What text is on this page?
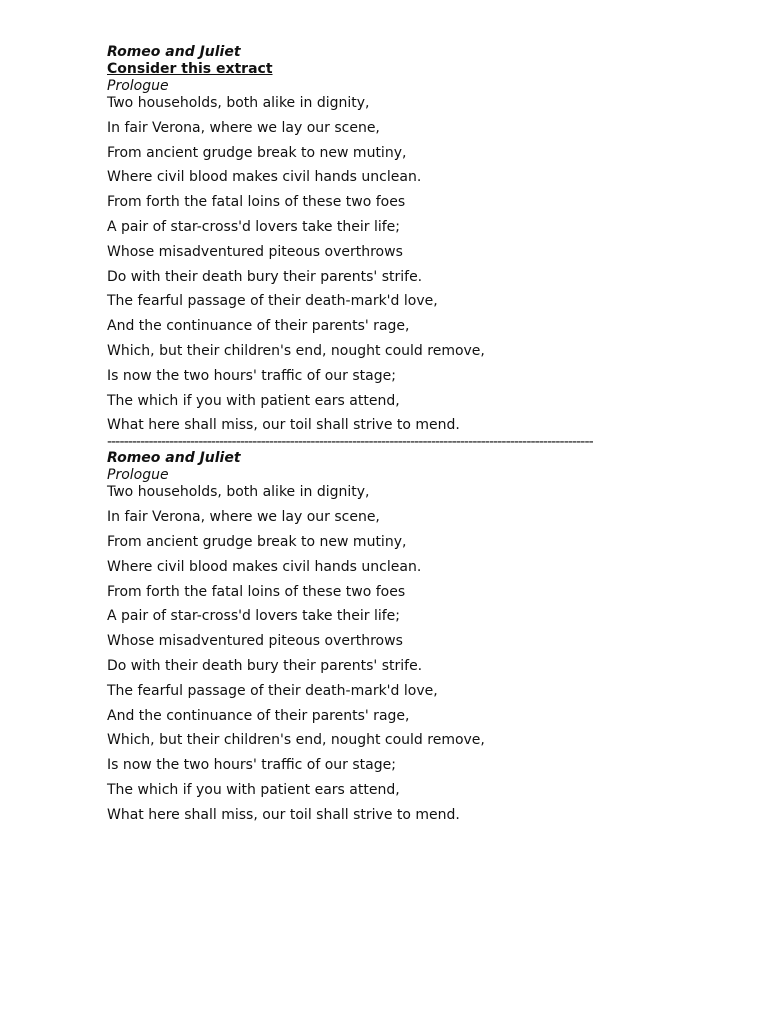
Romeo and Juliet

Consider this extract

Prologue

Two households, both alike in dignity,

In fair Verona, where we lay our scene,

From ancient grudge break to new mutiny,

Where civil blood makes civil hands unclean.

From forth the fatal loins of these two foes

A pair of star-cross'd lovers take their life;

Whose misadventured piteous overthrows

Do with their death bury their parents' strife.

The fearful passage of their death-mark'd love,

And the continuance of their parents' rage,

Which, but their children's end, nought could remove,

Is now the two hours' traffic of our stage;

The which if you with patient ears attend,

What here shall miss, our toil shall strive to mend.

---------------------------------------------------------------------------------------------------------------------

Romeo and Juliet

Prologue

Two households, both alike in dignity,

In fair Verona, where we lay our scene,

From ancient grudge break to new mutiny,

Where civil blood makes civil hands unclean.

From forth the fatal loins of these two foes

A pair of star-cross'd lovers take their life;

Whose misadventured piteous overthrows

Do with their death bury their parents' strife.

The fearful passage of their death-mark'd love,

And the continuance of their parents' rage,

Which, but their children's end, nought could remove,

Is now the two hours' traffic of our stage;

The which if you with patient ears attend,

What here shall miss, our toil shall strive to mend.
